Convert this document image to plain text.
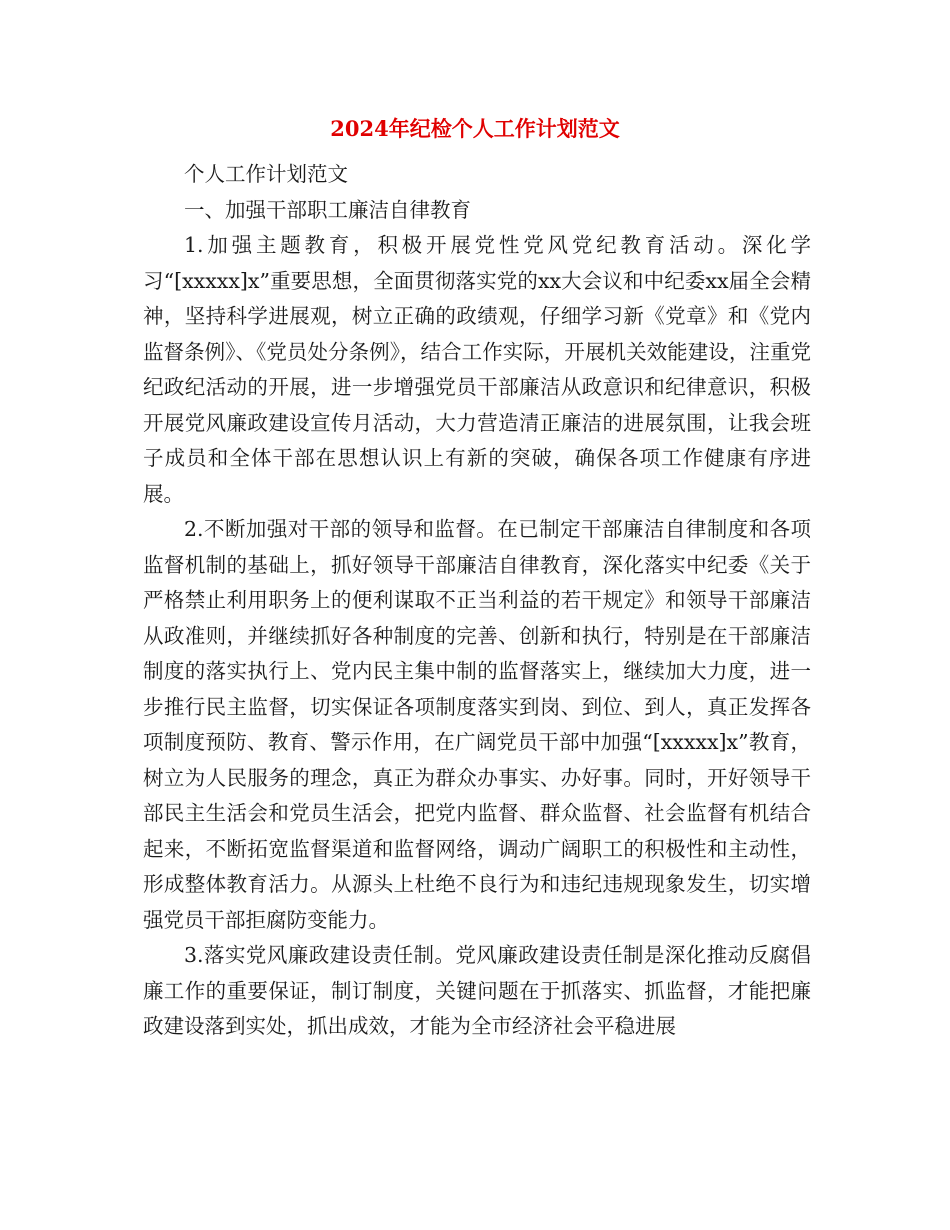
2024年纪检个人工作计划范文

个人工作计划范文

一、加强干部职工廉洁自律教育

1.加强主题教育，积极开展党性党风党纪教育活动。深化学习“[xxxxx]x”重要思想，全面贯彻落实党的xx大会议和中纪委xx届全会精神，坚持科学进展观，树立正确的政绩观，仔细学习新《党章》和《党内监督条例》、《党员处分条例》，结合工作实际，开展机关效能建设，注重党纪政纪活动的开展，进一步增强党员干部廉洁从政意识和纪律意识，积极开展党风廉政建设宣传月活动，大力营造清正廉洁的进展氛围，让我会班子成员和全体干部在思想认识上有新的突破，确保各项工作健康有序进展。

2.不断加强对干部的领导和监督。在已制定干部廉洁自律制度和各项监督机制的基础上，抓好领导干部廉洁自律教育，深化落实中纪委《关于严格禁止利用职务上的便利谋取不正当利益的若干规定》和领导干部廉洁从政准则，并继续抓好各种制度的完善、创新和执行，特别是在干部廉洁制度的落实执行上、党内民主集中制的监督落实上，继续加大力度，进一步推行民主监督，切实保证各项制度落实到岗、到位、到人，真正发挥各项制度预防、教育、警示作用，在广阔党员干部中加强“[xxxxx]x”教育，树立为人民服务的理念，真正为群众办事实、办好事。同时，开好领导干部民主生活会和党员生活会，把党内监督、群众监督、社会监督有机结合起来，不断拓宽监督渠道和监督网络，调动广阔职工的积极性和主动性，形成整体教育活力。从源头上杜绝不良行为和违纪违规现象发生，切实增强党员干部拒腐防变能力。

3.落实党风廉政建设责任制。党风廉政建设责任制是深化推动反腐倡廉工作的重要保证，制订制度，关键问题在于抓落实、抓监督，才能把廉政建设落到实处，抓出成效，才能为全市经济社会平稳进展
